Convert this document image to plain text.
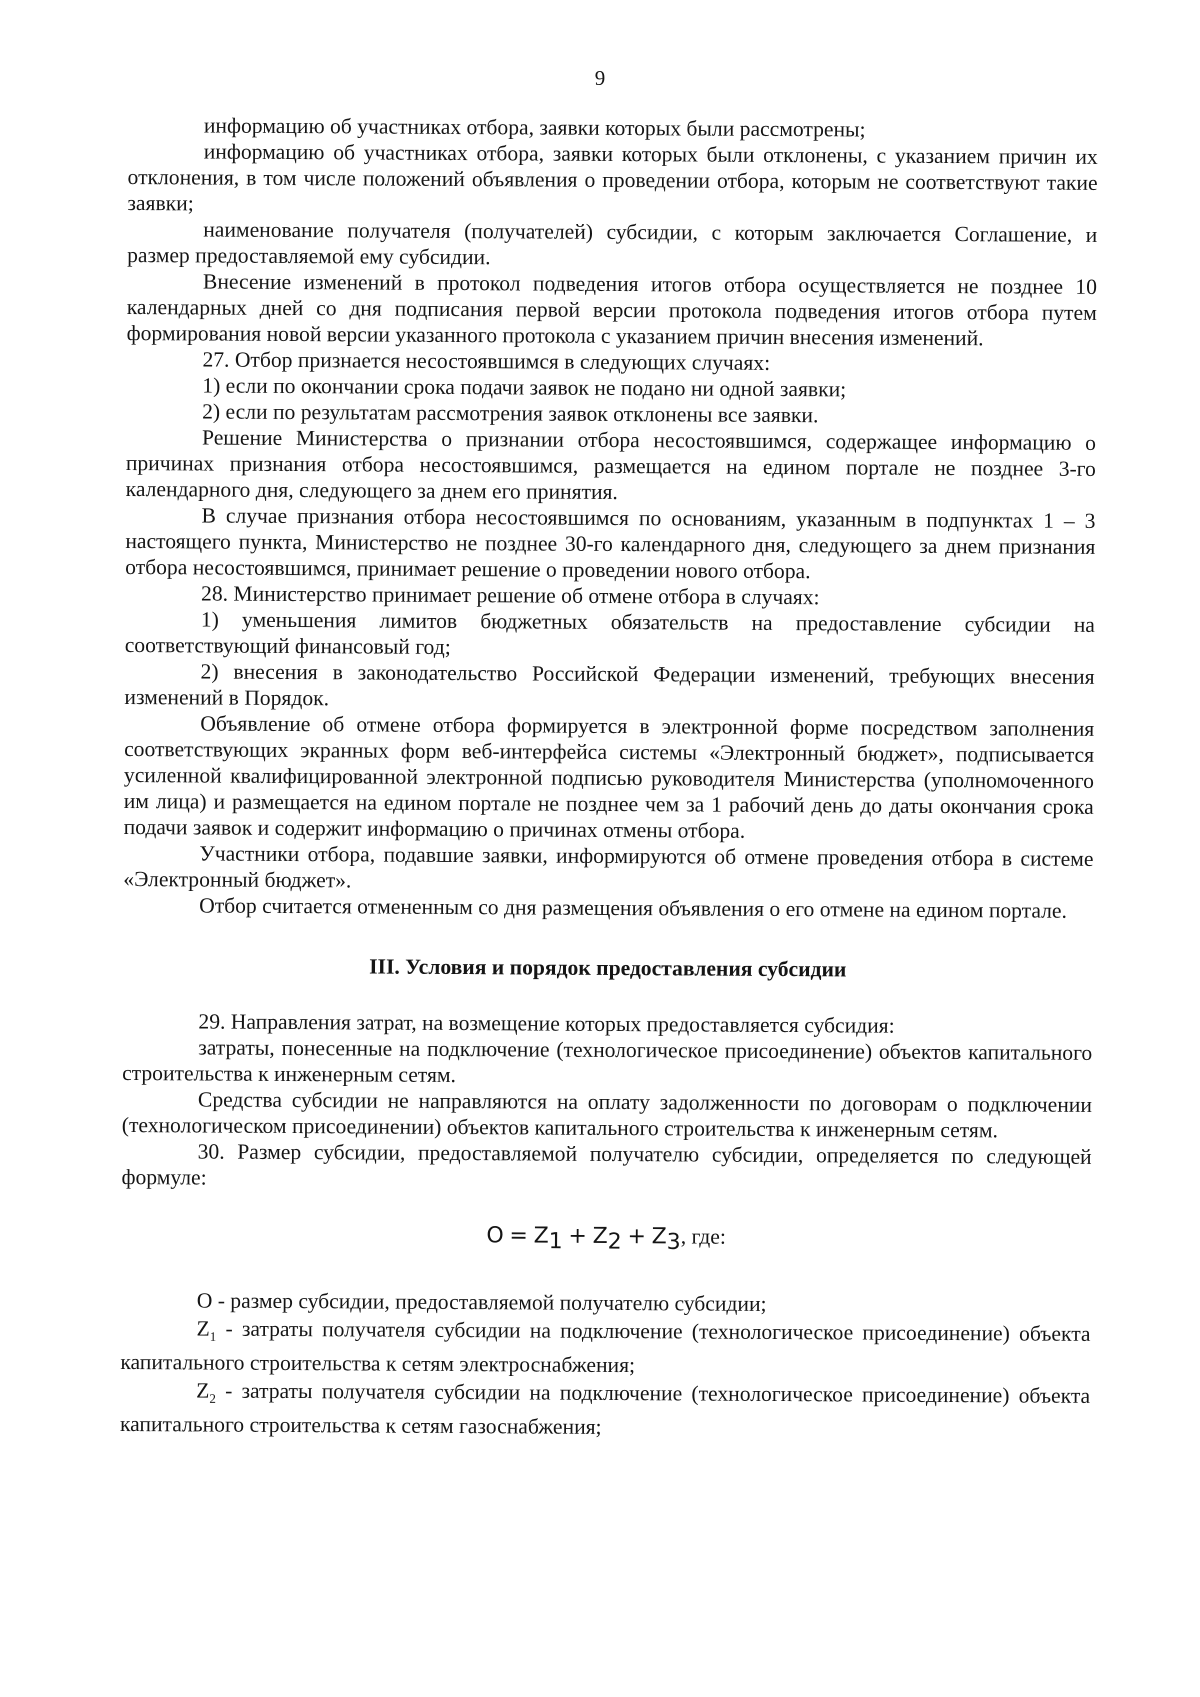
9

информацию об участниках отбора, заявки которых были рассмотрены;

информацию об участниках отбора, заявки которых были отклонены, с указанием причин их отклонения, в том числе положений объявления о проведении отбора, которым не соответствуют такие заявки;

наименование получателя (получателей) субсидии, с которым заключается Соглашение, и размер предоставляемой ему субсидии.

Внесение изменений в протокол подведения итогов отбора осуществляется не позднее 10 календарных дней со дня подписания первой версии протокола подведения итогов отбора путем формирования новой версии указанного протокола с указанием причин внесения изменений.

27. Отбор признается несостоявшимся в следующих случаях:

1) если по окончании срока подачи заявок не подано ни одной заявки;

2) если по результатам рассмотрения заявок отклонены все заявки.

Решение Министерства о признании отбора несостоявшимся, содержащее информацию о причинах признания отбора несостоявшимся, размещается на едином портале не позднее 3-го календарного дня, следующего за днем его принятия.

В случае признания отбора несостоявшимся по основаниям, указанным в подпунктах 1 – 3 настоящего пункта, Министерство не позднее 30-го календарного дня, следующего за днем признания отбора несостоявшимся, принимает решение о проведении нового отбора.

28. Министерство принимает решение об отмене отбора в случаях:

1) уменьшения лимитов бюджетных обязательств на предоставление субсидии на соответствующий финансовый год;

2) внесения в законодательство Российской Федерации изменений, требующих внесения изменений в Порядок.

Объявление об отмене отбора формируется в электронной форме посредством заполнения соответствующих экранных форм веб-интерфейса системы «Электронный бюджет», подписывается усиленной квалифицированной электронной подписью руководителя Министерства (уполномоченного им лица) и размещается на едином портале не позднее чем за 1 рабочий день до даты окончания срока подачи заявок и содержит информацию о причинах отмены отбора.

Участники отбора, подавшие заявки, информируются об отмене проведения отбора в системе «Электронный бюджет».

Отбор считается отмененным со дня размещения объявления о его отмене на едином портале.

III. Условия и порядок предоставления субсидии

29. Направления затрат, на возмещение которых предоставляется субсидия:

затраты, понесенные на подключение (технологическое присоединение) объектов капитального строительства к инженерным сетям.

Средства субсидии не направляются на оплату задолженности по договорам о подключении (технологическом присоединении) объектов капитального строительства к инженерным сетям.

30. Размер субсидии, предоставляемой получателю субсидии, определяется по следующей формуле:

$O = Z_1 + Z_2 + Z_3$, где:

O - размер субсидии, предоставляемой получателю субсидии;

$Z_1$ - затраты получателя субсидии на подключение (технологическое присоединение) объекта капитального строительства к сетям электроснабжения;

$Z_2$ - затраты получателя субсидии на подключение (технологическое присоединение) объекта капитального строительства к сетям газоснабжения;
